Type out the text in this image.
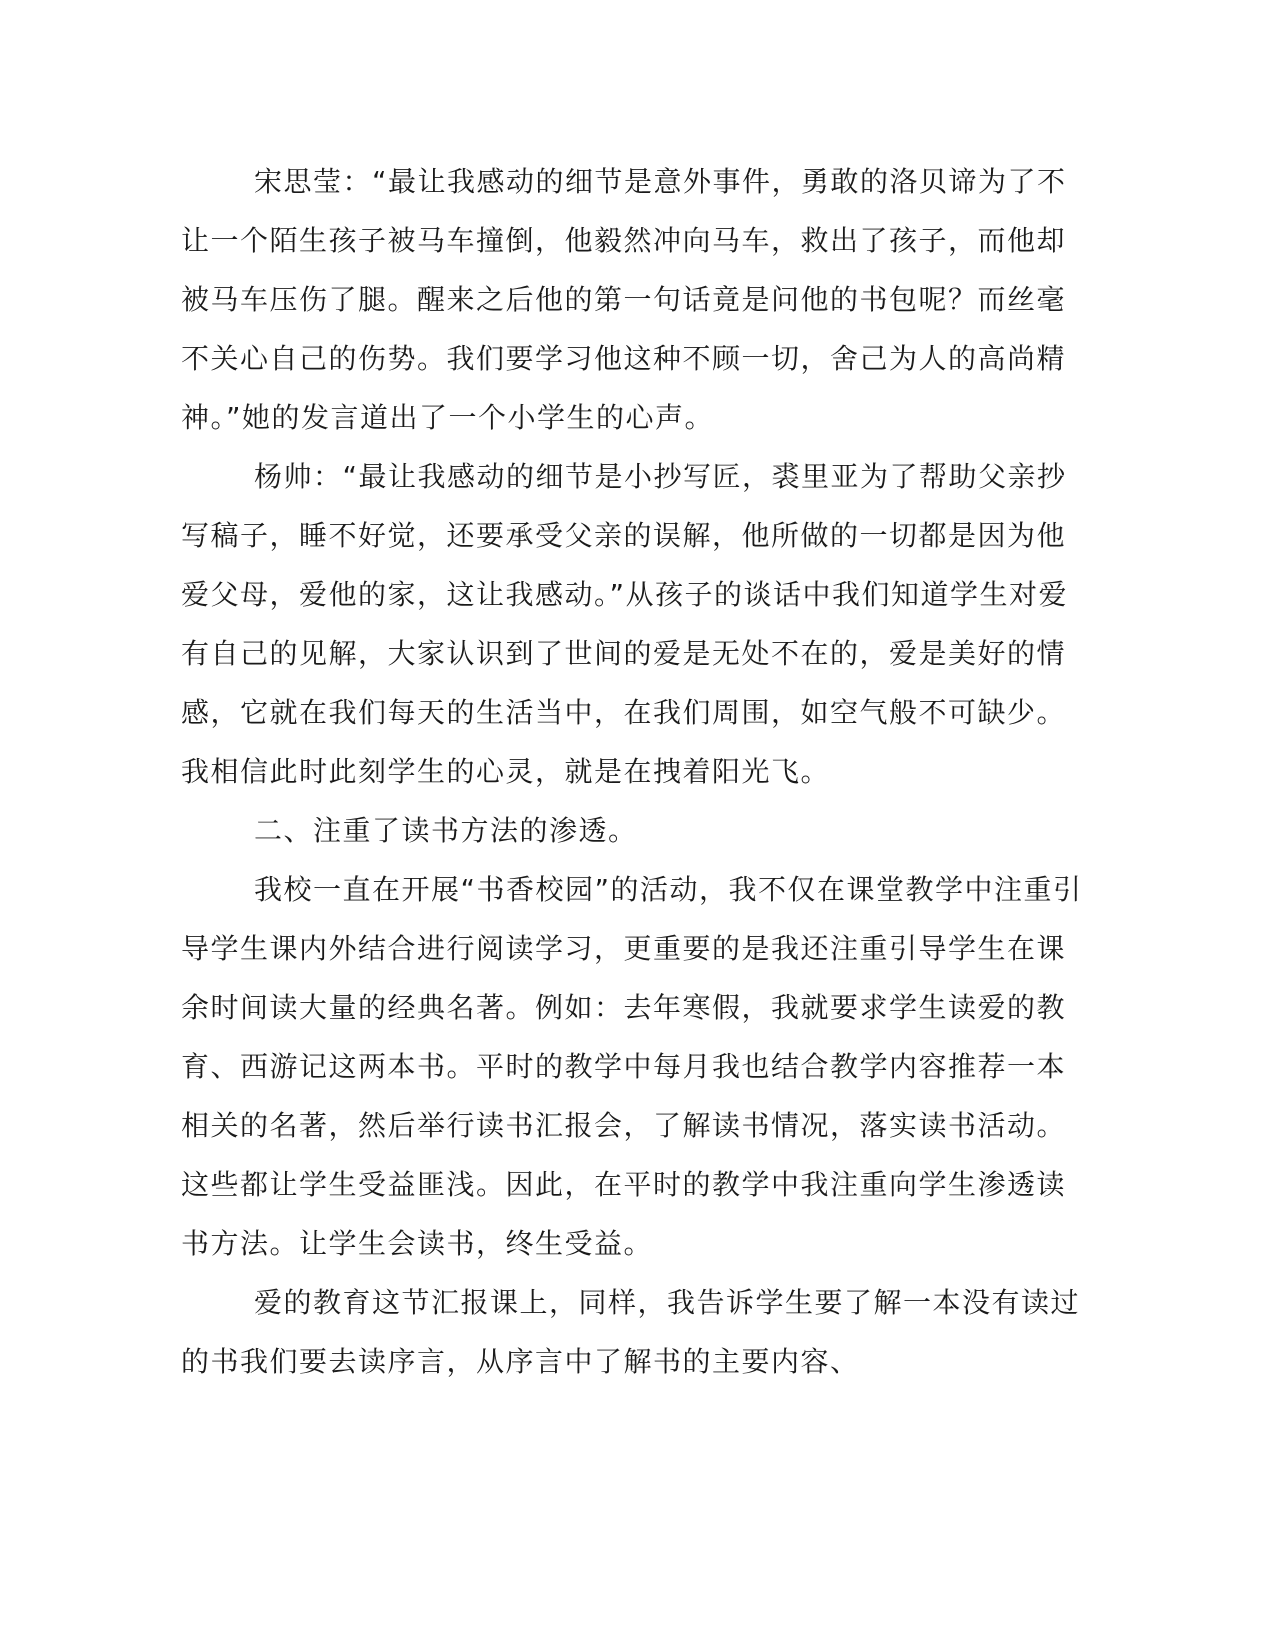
宋思莹：“最让我感动的细节是意外事件，勇敢的洛贝谛为了不
让一个陌生孩子被马车撞倒，他毅然冲向马车，救出了孩子，而他却
被马车压伤了腿。醒来之后他的第一句话竟是问他的书包呢？而丝毫
不关心自己的伤势。我们要学习他这种不顾一切，舍己为人的高尚精
神。”她的发言道出了一个小学生的心声。
杨帅：“最让我感动的细节是小抄写匠，裘里亚为了帮助父亲抄
写稿子，睡不好觉，还要承受父亲的误解，他所做的一切都是因为他
爱父母，爱他的家，这让我感动。”从孩子的谈话中我们知道学生对爱
有自己的见解，大家认识到了世间的爱是无处不在的，爱是美好的情
感，它就在我们每天的生活当中，在我们周围，如空气般不可缺少。
我相信此时此刻学生的心灵，就是在拽着阳光飞。
二、注重了读书方法的渗透。
我校一直在开展“书香校园”的活动，我不仅在课堂教学中注重引
导学生课内外结合进行阅读学习，更重要的是我还注重引导学生在课
余时间读大量的经典名著。例如：去年寒假，我就要求学生读爱的教
育、西游记这两本书。平时的教学中每月我也结合教学内容推荐一本
相关的名著，然后举行读书汇报会，了解读书情况，落实读书活动。
这些都让学生受益匪浅。因此，在平时的教学中我注重向学生渗透读
书方法。让学生会读书，终生受益。
爱的教育这节汇报课上，同样，我告诉学生要了解一本没有读过
的书我们要去读序言，从序言中了解书的主要内容、
